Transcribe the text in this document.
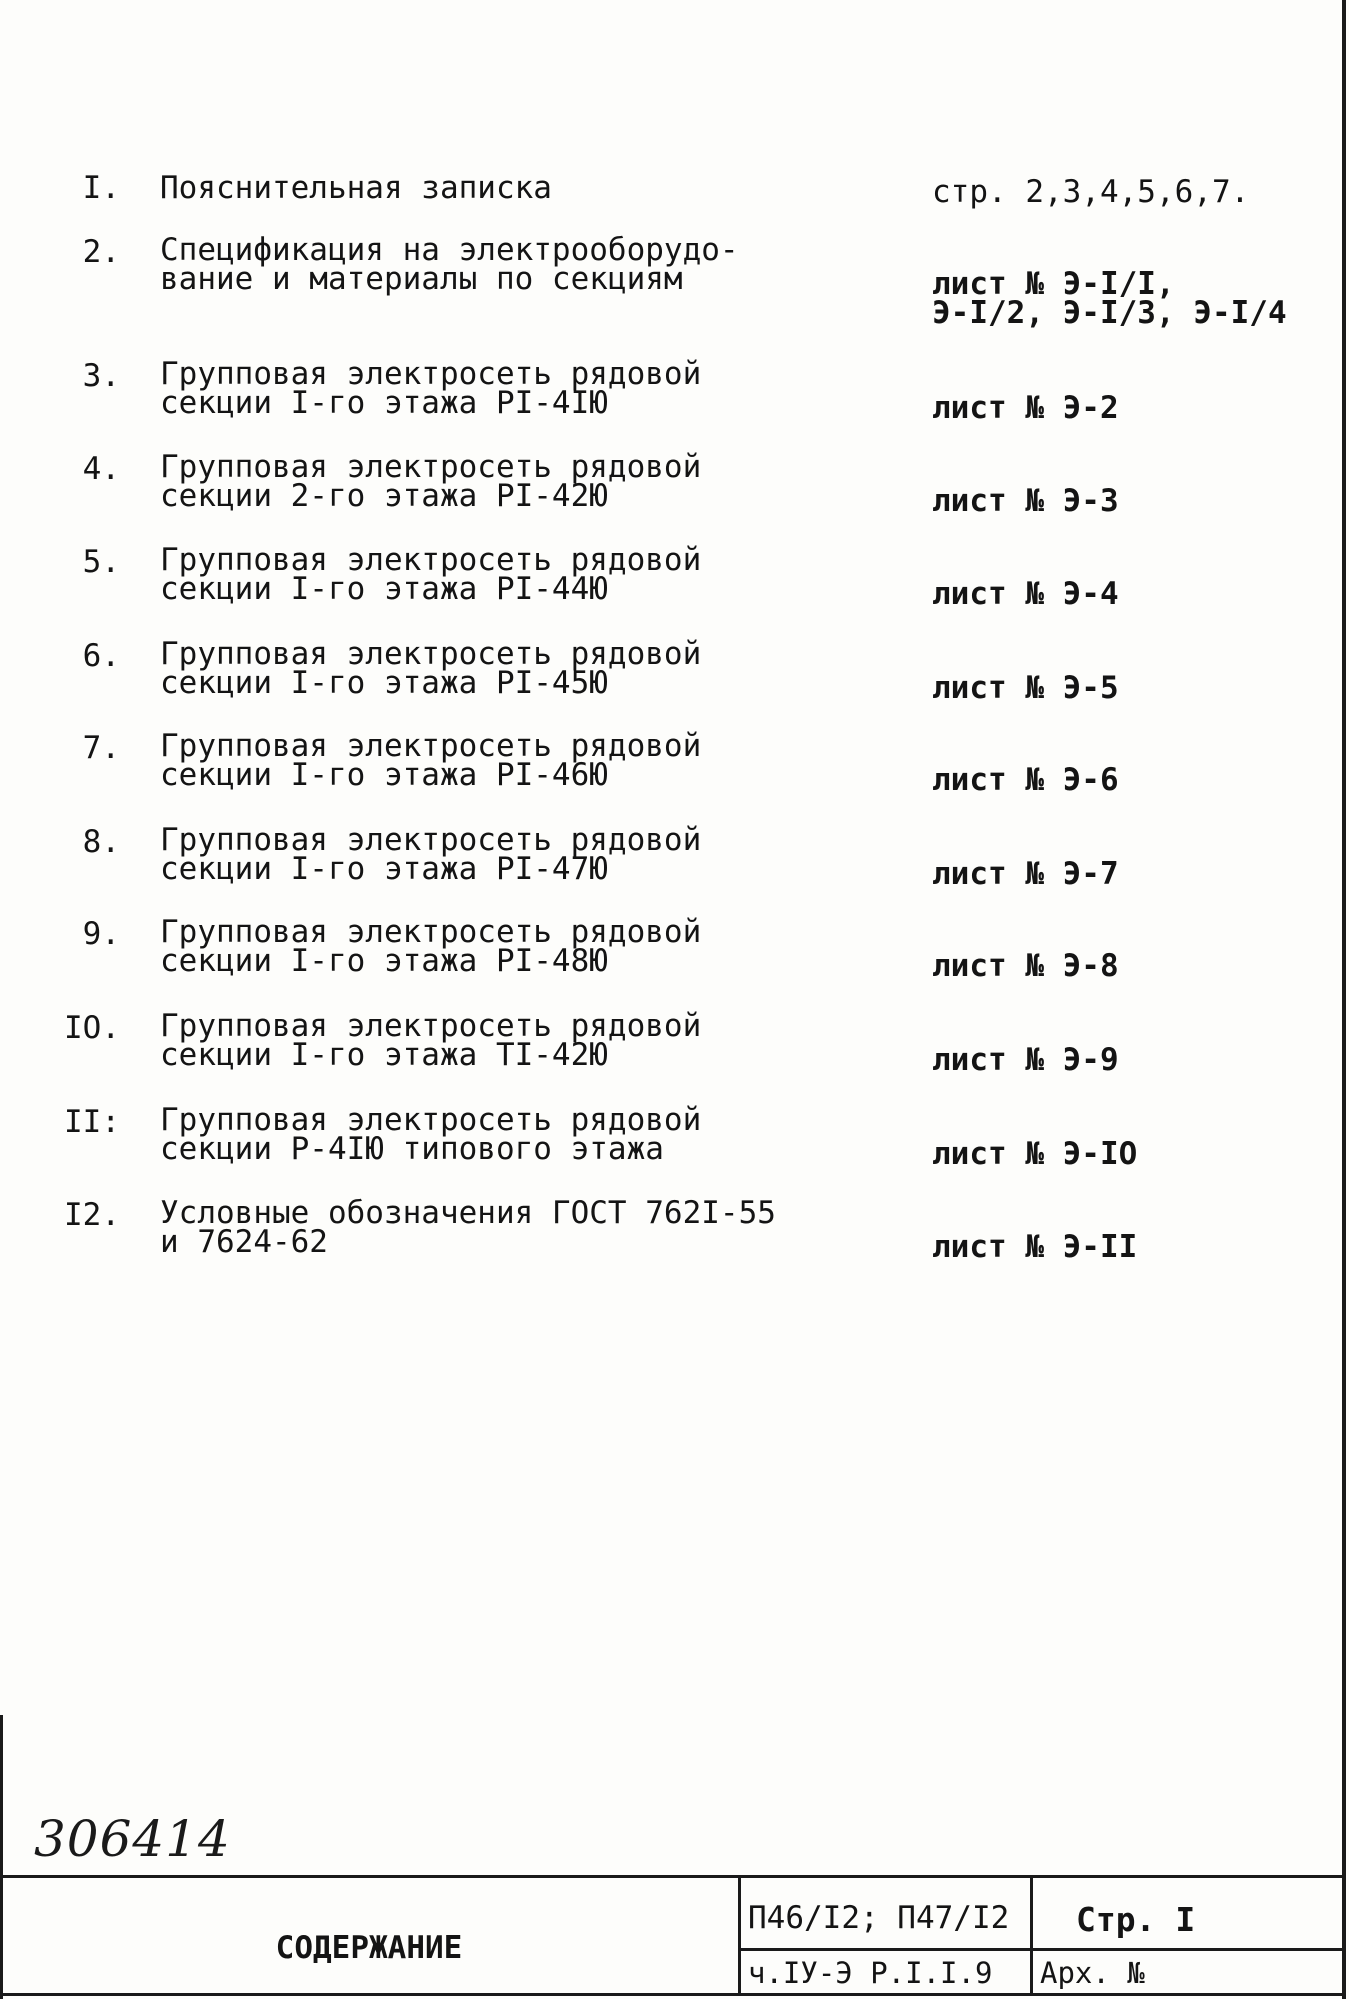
I. Пояснительная записка	стр. 2,3,4,5,6,7.
2. Спецификация на электрооборудо-
вание и материалы по секциям	лист № Э-I/I,
Э-I/2, Э-I/3, Э-I/4
3. Групповая электросеть рядовой
секции I-го этажа PI-4IЮ	лист № Э-2
4. Групповая электросеть рядовой
секции 2-го этажа PI-42Ю	лист № Э-3
5. Групповая электросеть рядовой
секции I-го этажа PI-44Ю	лист № Э-4
6. Групповая электросеть рядовой
секции I-го этажа PI-45Ю	лист № Э-5
7. Групповая электросеть рядовой
секции I-го этажа PI-46Ю	лист № Э-6
8. Групповая электросеть рядовой
секции I-го этажа PI-47Ю	лист № Э-7
9. Групповая электросеть рядовой
секции I-го этажа PI-48Ю	лист № Э-8
IO. Групповая электросеть рядовой
секции I-го этажа TI-42Ю	лист № Э-9
II: Групповая электросеть рядовой
секции P-4IЮ типового этажа	лист № Э-IO
I2. Условные обозначения ГОСТ 762I-55
и 7624-62	лист № Э-II
306414
СОДЕРЖАНИЕ
П46/I2; П47/I2	Стр. I
ч.IУ-Э Р.I.I.9	Арх. №
